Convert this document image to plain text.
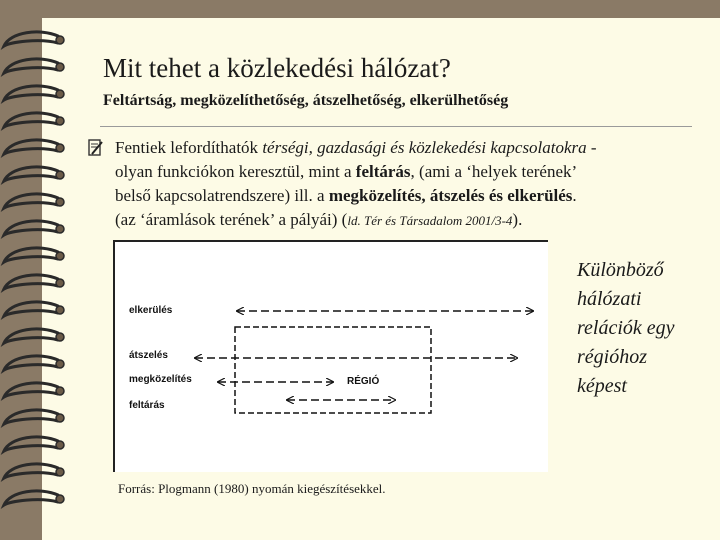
Mit tehet a közlekedési hálózat?
Feltártság, megközelíthetőség, átszelhetőség, elkerülhetőség
Fentiek lefordíthatók térségi, gazdasági és közlekedési kapcsolatokra -
olyan funkciókon keresztül, mint a feltárás, (ami a ‘helyek terének’
belső kapcsolatrendszere) ill. a megközelítés, átszelés és elkerülés.
(az ‘áramlások terének’ a pályái) (ld. Tér és Társadalom 2001/3-4).
elkerülés
átszelés
megközelítés
feltárás
RÉGIÓ
Különböző
hálózati
relációk egy
régióhoz
képest
Forrás: Plogmann (1980) nyomán kiegészítésekkel.
